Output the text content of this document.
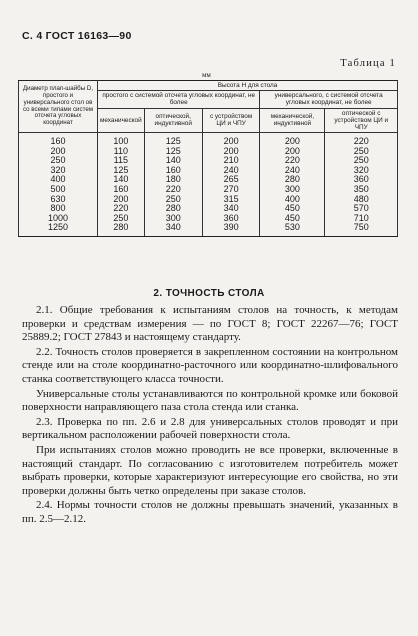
С. 4 ГОСТ 16163—90
Таблица 1
мм
Диаметр плап-шайбы D, простого и универсального стол ов со всеми типами систем отсчета угловых координат	Высота H для стола				
	простого с системой отсчета угловых координат, не более			универсального, с системой отсчета угловых координат, не более	
	механической	оптической, индуктивной	с устройством ЦИ и ЧПУ	механической, индуктивной	оптической с устройством ЦИ и ЧПУ
160	100	125	200	200	220
200	110	125	200	200	250
250	115	140	210	220	250
320	125	160	240	240	320
400	140	180	265	280	360
500	160	220	270	300	350
630	200	250	315	400	480
800	220	280	340	450	570
1000	250	300	360	450	710
1250	280	340	390	530	750
2. ТОЧНОСТЬ СТОЛА

2.1. Общие требования к испытаниям столов на точность, к методам проверки и средствам измерения — по ГОСТ 8; ГОСТ 22267—76; ГОСТ 25889.2; ГОСТ 27843 и настоящему стандарту.

2.2. Точность столов проверяется в закрепленном состоянии на контрольном стенде или на столе координатно-расточного или координатно-шлифовального станка соответствующего класса точности.

Универсальные столы устанавливаются по контрольной кромке или боковой поверхности направляющего паза стола стенда или станка.

2.3. Проверка по пп. 2.6 и 2.8 для универсальных столов проводят и при вертикальном расположении рабочей поверхности стола.

При испытаниях столов можно проводить не все проверки, включенные в настоящий стандарт. По согласованию с изготовителем потребитель может выбрать проверки, которые характеризуют интересующие его свойства, но эти проверки должны быть четко определены при заказе столов.

2.4. Нормы точности столов не должны превышать значений, указанных в пп. 2.5—2.12.
